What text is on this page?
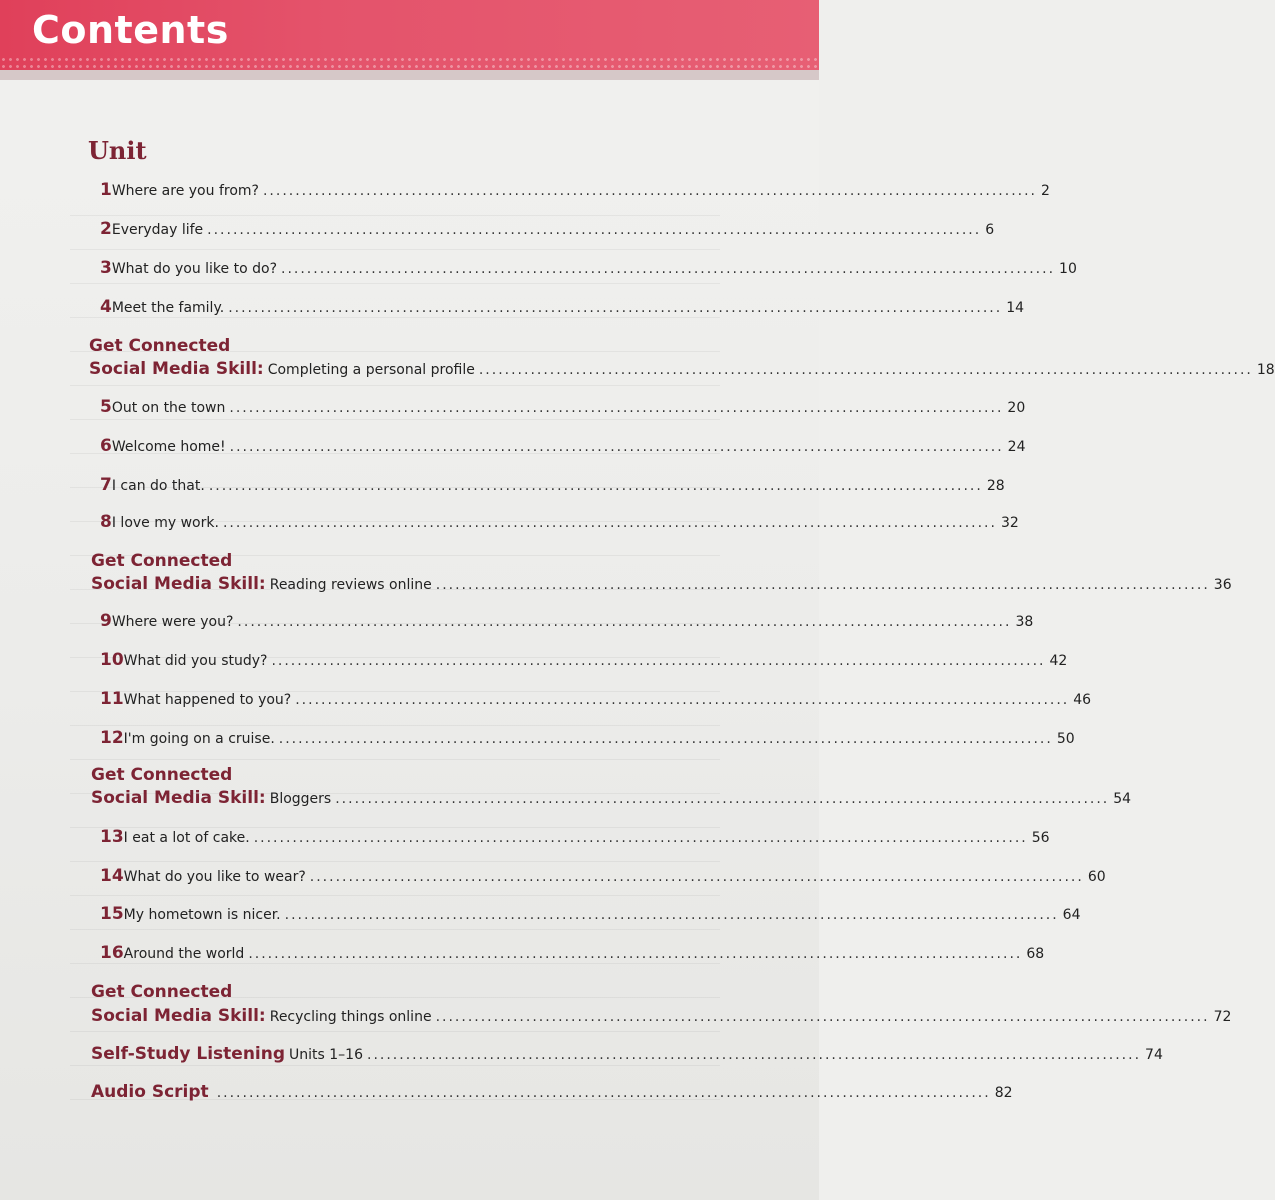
Contents
Unit
1 Where are you from? ........................................................................................................................ 2
2 Everyday life ........................................................................................................................ 6
3 What do you like to do? ........................................................................................................................ 10
4 Meet the family. ........................................................................................................................ 14
Get Connected
Social Media Skill: Completing a personal profile ........................................................................................................................ 18
5 Out on the town ........................................................................................................................ 20
6 Welcome home! ........................................................................................................................ 24
7 I can do that. ........................................................................................................................ 28
8 I love my work. ........................................................................................................................ 32
Get Connected
Social Media Skill: Reading reviews online ........................................................................................................................ 36
9 Where were you? ........................................................................................................................ 38
10 What did you study? ........................................................................................................................ 42
11 What happened to you? ........................................................................................................................ 46
12 I'm going on a cruise. ........................................................................................................................ 50
Get Connected
Social Media Skill: Bloggers ........................................................................................................................ 54
13 I eat a lot of cake. ........................................................................................................................ 56
14 What do you like to wear? ........................................................................................................................ 60
15 My hometown is nicer. ........................................................................................................................ 64
16 Around the world ........................................................................................................................ 68
Get Connected
Social Media Skill: Recycling things online ........................................................................................................................ 72
Self-Study Listening Units 1–16 ........................................................................................................................ 74
Audio Script ........................................................................................................................ 82
